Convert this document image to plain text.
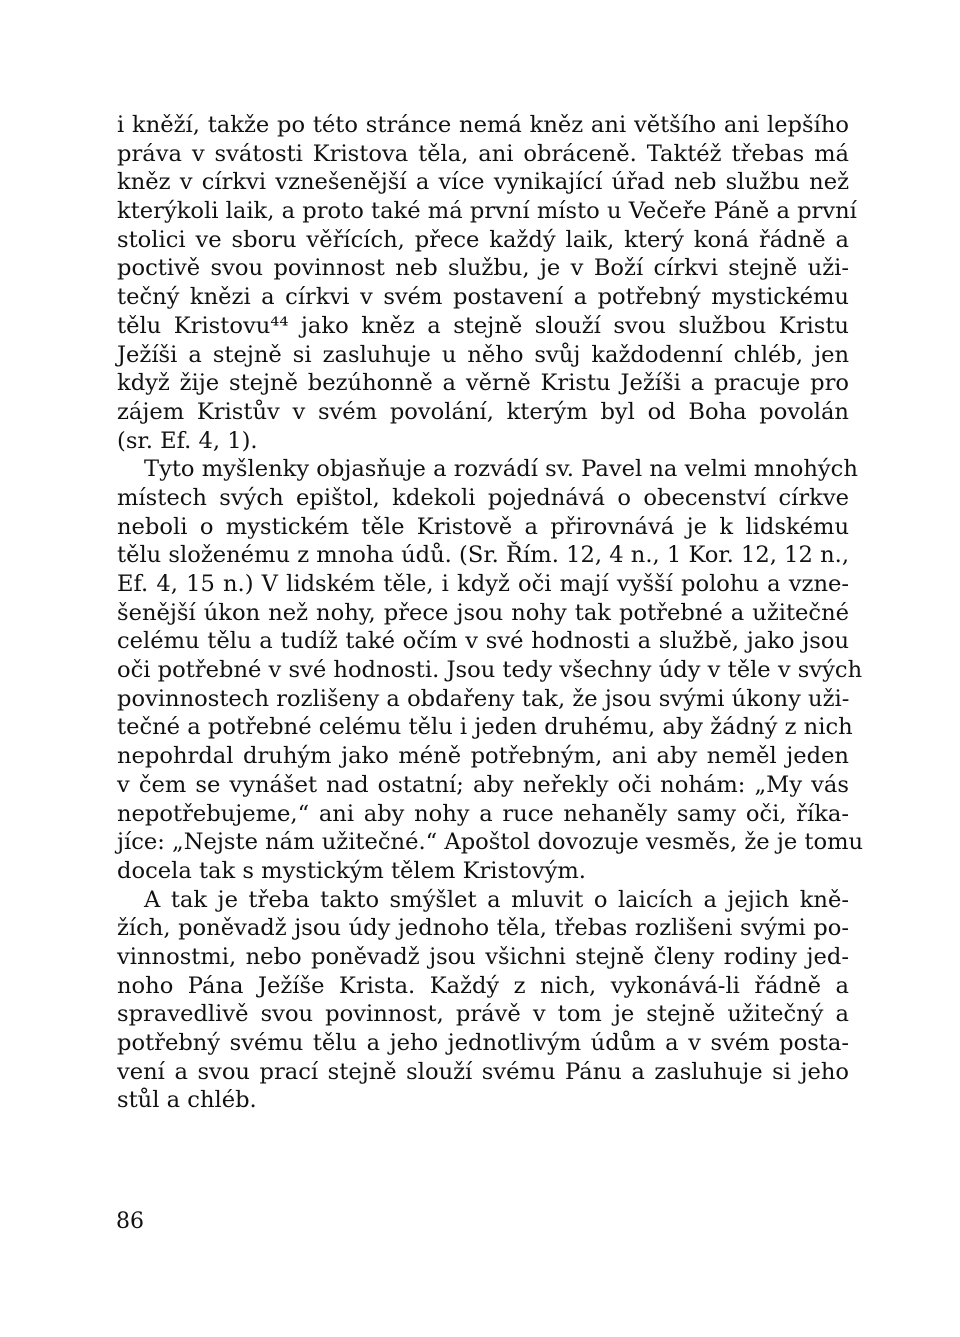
i kněží, takže po této stránce nemá kněz ani většího ani lepšího
práva v svátosti Kristova těla, ani obráceně. Taktéž třebas má
kněz v církvi vznešenější a více vynikající úřad neb službu než
kterýkoli laik, a proto také má první místo u Večeře Páně a první
stolici ve sboru věřících, přece každý laik, který koná řádně a
poctivě svou povinnost neb službu, je v Boží církvi stejně uži-
tečný knězi a církvi v svém postavení a potřebný mystickému
tělu Kristovu⁴⁴ jako kněz a stejně slouží svou službou Kristu
Ježíši a stejně si zasluhuje u něho svůj každodenní chléb, jen
když žije stejně bezúhonně a věrně Kristu Ježíši a pracuje pro
zájem Kristův v svém povolání, kterým byl od Boha povolán
(sr. Ef. 4, 1).
Tyto myšlenky objasňuje a rozvádí sv. Pavel na velmi mnohých
místech svých epištol, kdekoli pojednává o obecenství církve
neboli o mystickém těle Kristově a přirovnává je k lidskému
tělu složenému z mnoha údů. (Sr. Řím. 12, 4 n., 1 Kor. 12, 12 n.,
Ef. 4, 15 n.) V lidském těle, i když oči mají vyšší polohu a vzne-
šenější úkon než nohy, přece jsou nohy tak potřebné a užitečné
celému tělu a tudíž také očím v své hodnosti a službě, jako jsou
oči potřebné v své hodnosti. Jsou tedy všechny údy v těle v svých
povinnostech rozlišeny a obdařeny tak, že jsou svými úkony uži-
tečné a potřebné celému tělu i jeden druhému, aby žádný z nich
nepohrdal druhým jako méně potřebným, ani aby neměl jeden
v čem se vynášet nad ostatní; aby neřekly oči nohám: „My vás
nepotřebujeme,“ ani aby nohy a ruce nehaněly samy oči, říka-
jíce: „Nejste nám užitečné.“ Apoštol dovozuje vesměs, že je tomu
docela tak s mystickým tělem Kristovým.
A tak je třeba takto smýšlet a mluvit o laicích a jejich kně-
žích, poněvadž jsou údy jednoho těla, třebas rozlišeni svými po-
vinnostmi, nebo poněvadž jsou všichni stejně členy rodiny jed-
noho Pána Ježíše Krista. Každý z nich, vykonává-li řádně a
spravedlivě svou povinnost, právě v tom je stejně užitečný a
potřebný svému tělu a jeho jednotlivým údům a v svém posta-
vení a svou prací stejně slouží svému Pánu a zasluhuje si jeho
stůl a chléb.
86
